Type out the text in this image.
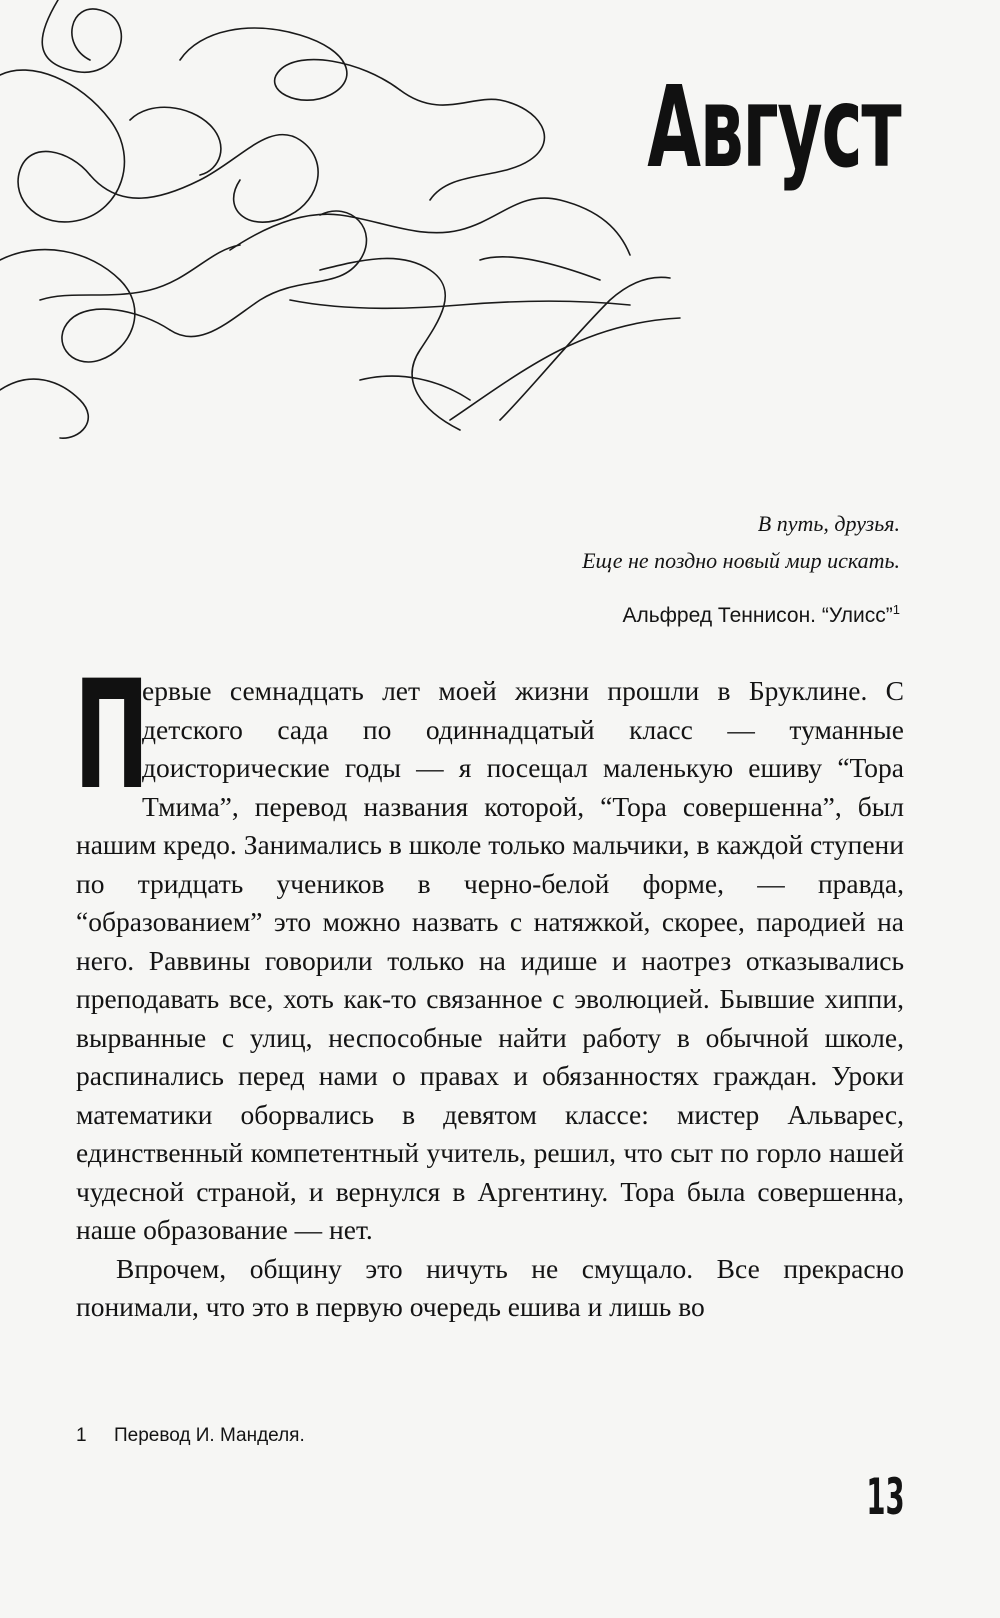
Август
В путь, друзья.
Еще не поздно новый мир искать.
Альфред Теннисон. “Улисс”$^1$

П
ервые семнадцать лет моей жизни прошли в Бруклине. С детского сада по одиннадцатый класс — туманные доисторические годы — я посещал маленькую ешиву “Тора Тмима”, перевод названия которой, “Тора совершенна”, был нашим кредо. Занимались в школе только мальчики, в каждой ступени по тридцать учеников в черно-белой форме, — правда, “образованием” это можно назвать с натяжкой, скорее, пародией на него. Раввины говорили только на идише и наотрез отказывались преподавать все, хоть как-то связанное с эволюцией. Бывшие хиппи, вырванные с улиц, неспособные найти работу в обычной школе, распинались перед нами о правах и обязанностях граждан. Уроки математики оборвались в девятом классе: мистер Альварес, единственный компетентный учитель, решил, что сыт по горло нашей чудесной страной, и вернулся в Аргентину. Тора была совершенна, наше образование — нет.

Впрочем, общину это ничуть не смущало. Все прекрасно понимали, что это в первую очередь ешива и лишь во

1 Перевод И. Манделя.
13
